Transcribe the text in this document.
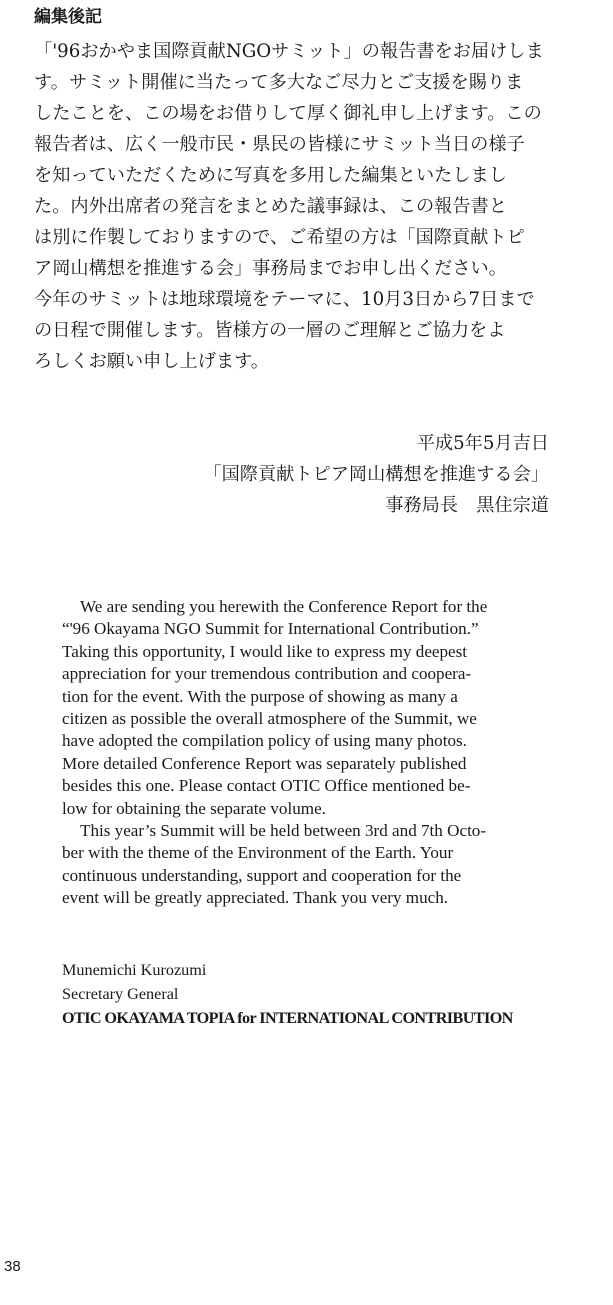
編集後記
「'96おかやま国際貢献NGOサミット」の報告書をお届けしま
す。サミット開催に当たって多大なご尽力とご支援を賜りま
したことを、この場をお借りして厚く御礼申し上げます。この
報告者は、広く一般市民・県民の皆様にサミット当日の様子
を知っていただくために写真を多用した編集といたしまし
た。内外出席者の発言をまとめた議事録は、この報告書と
は別に作製しておりますので、ご希望の方は「国際貢献トピ
ア岡山構想を推進する会」事務局までお申し出ください。
今年のサミットは地球環境をテーマに、10月3日から7日まで
の日程で開催します。皆様方の一層のご理解とご協力をよ
ろしくお願い申し上げます。
平成5年5月吉日
「国際貢献トピア岡山構想を推進する会」
事務局長　黒住宗道
We are sending you herewith the Conference Report for the
“'96 Okayama NGO Summit for International Contribution.”
Taking this opportunity, I would like to express my deepest
appreciation for your tremendous contribution and coopera-
tion for the event. With the purpose of showing as many a
citizen as possible the overall atmosphere of the Summit, we
have adopted the compilation policy of using many photos.
More detailed Conference Report was separately published
besides this one. Please contact OTIC Office mentioned be-
low for obtaining the separate volume.
This year’s Summit will be held between 3rd and 7th Octo-
ber with the theme of the Environment of the Earth. Your
continuous understanding, support and cooperation for the
event will be greatly appreciated. Thank you very much.
Munemichi Kurozumi
Secretary General
OTIC OKAYAMA TOPIA for INTERNATIONAL CONTRIBUTION
38
